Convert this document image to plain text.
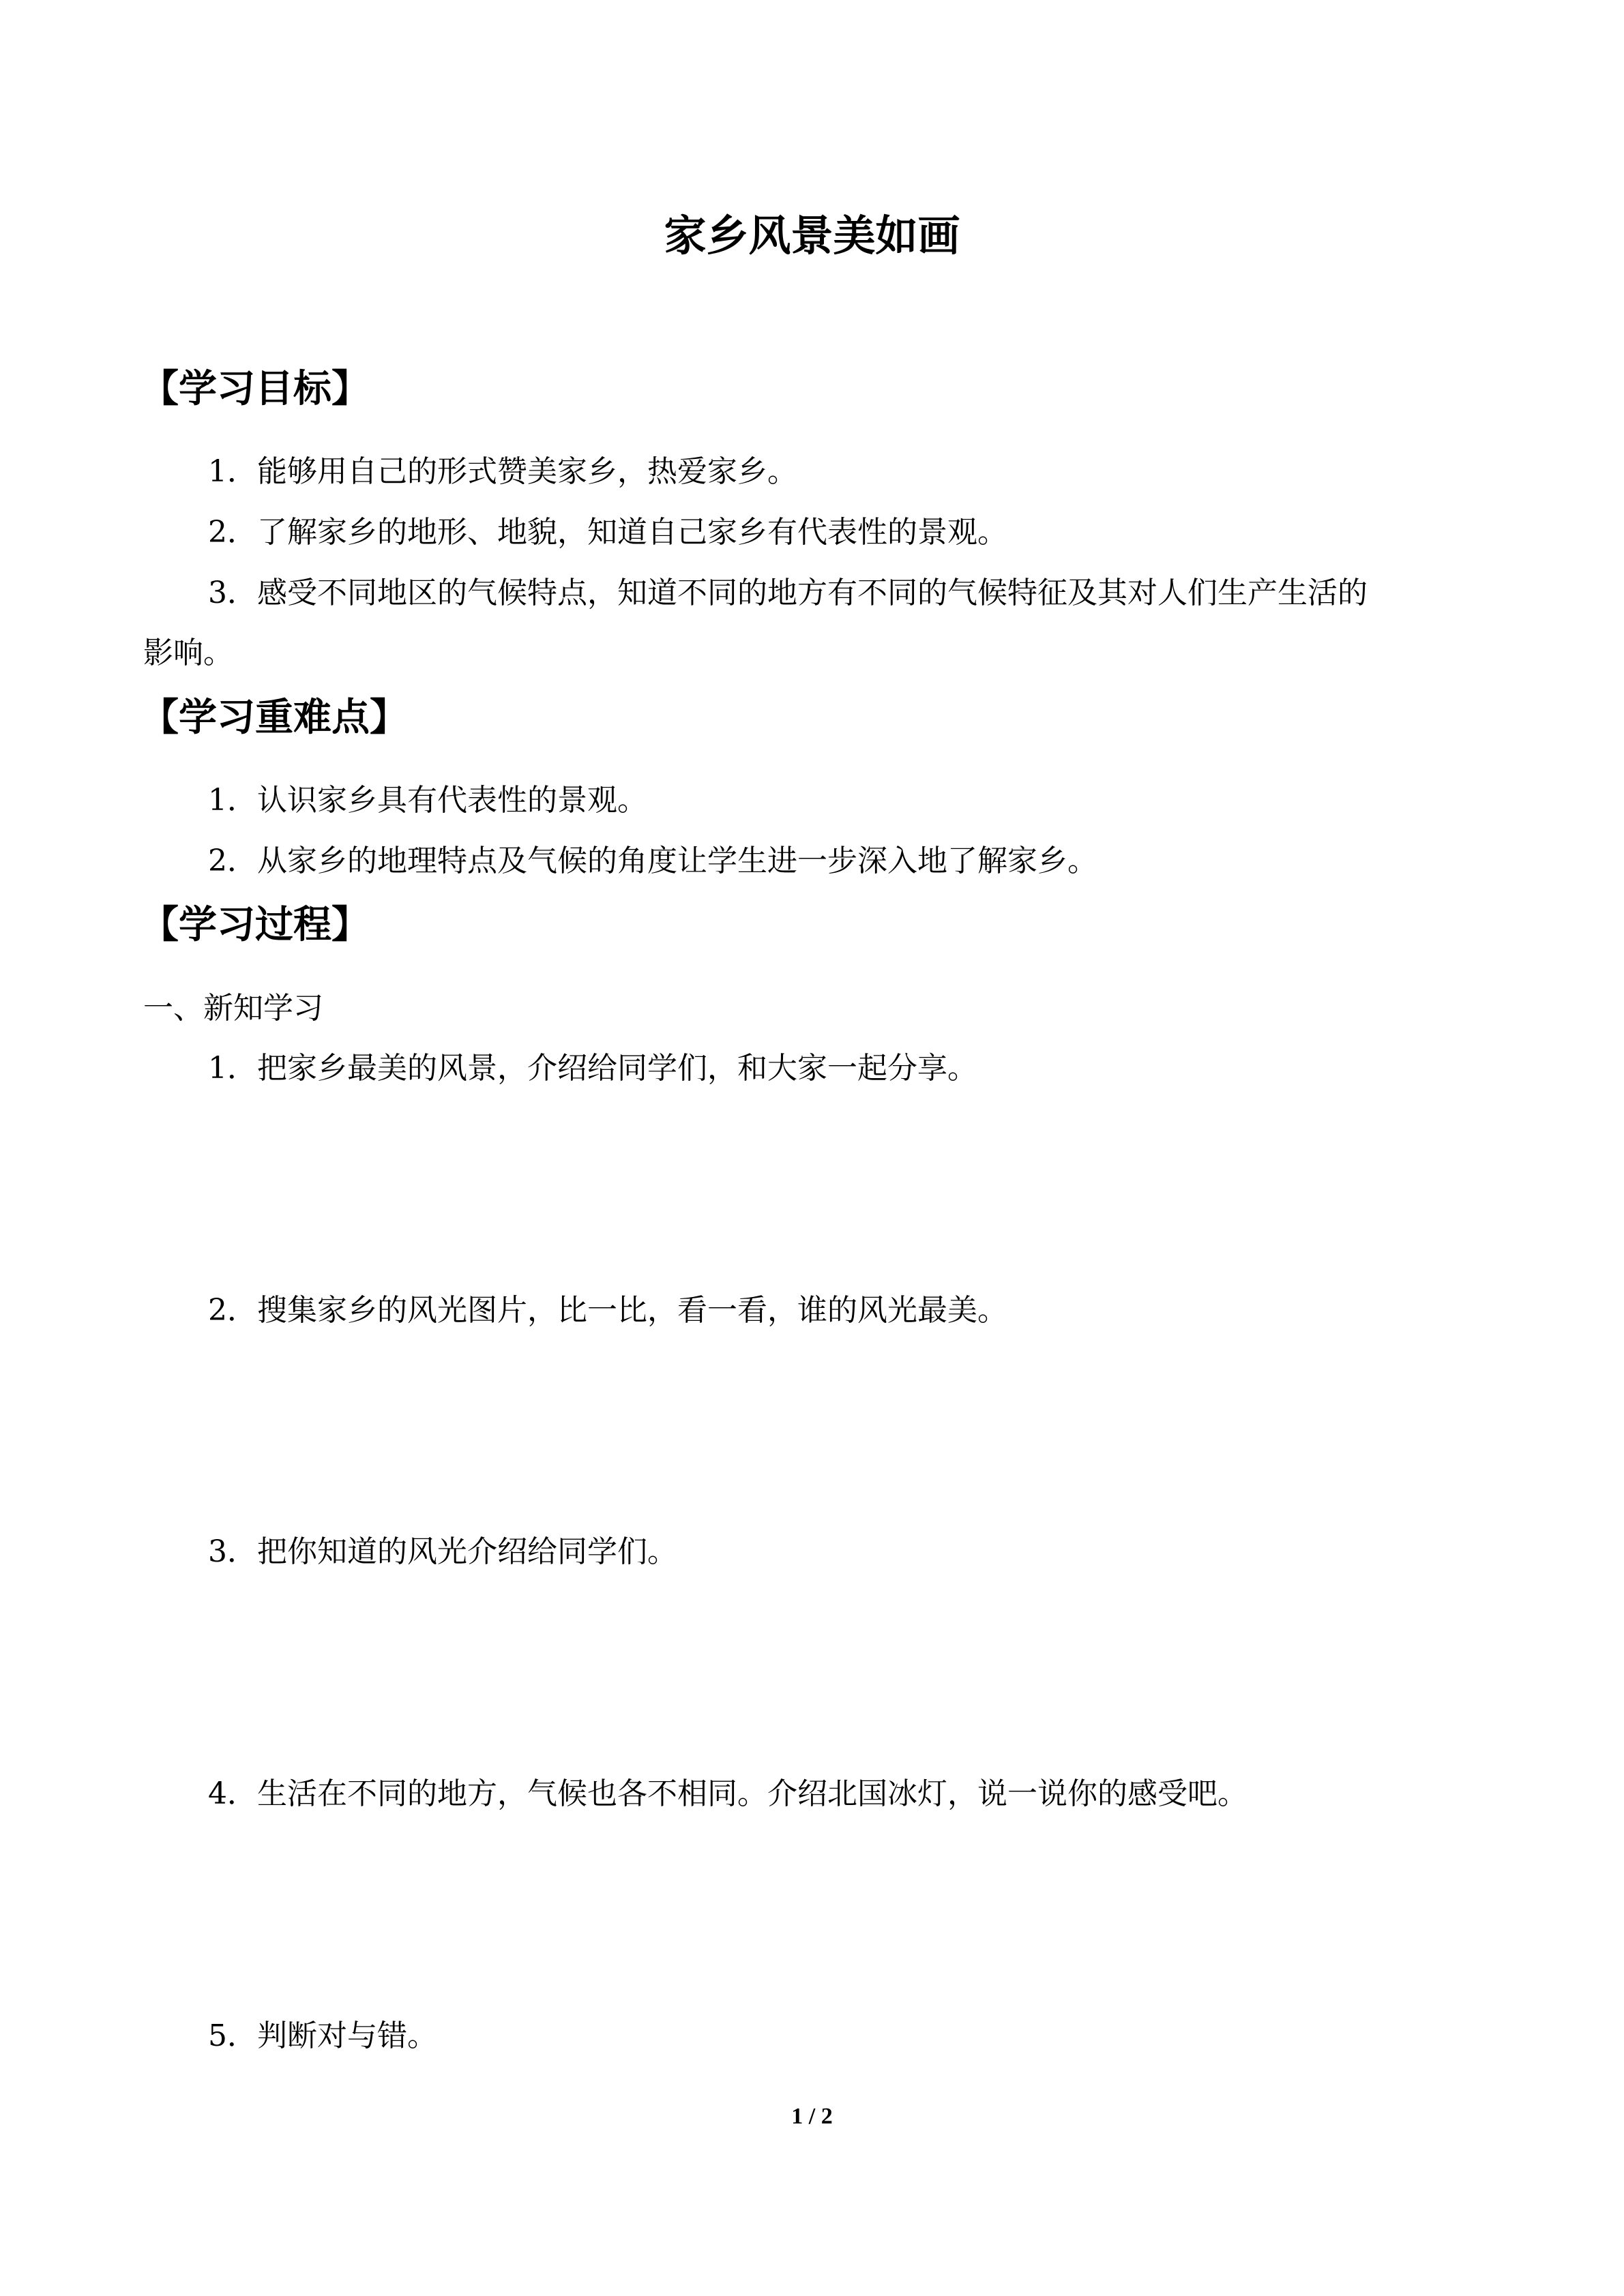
家乡风景美如画
【学习目标】
1．能够用自己的形式赞美家乡，热爱家乡。
2．了解家乡的地形、地貌，知道自己家乡有代表性的景观。
3．感受不同地区的气候特点，知道不同的地方有不同的气候特征及其对人们生产生活的
影响。
【学习重难点】
1．认识家乡具有代表性的景观。
2．从家乡的地理特点及气候的角度让学生进一步深入地了解家乡。
【学习过程】
一、新知学习
1．把家乡最美的风景，介绍给同学们，和大家一起分享。
2．搜集家乡的风光图片，比一比，看一看，谁的风光最美。
3．把你知道的风光介绍给同学们。
4．生活在不同的地方，气候也各不相同。介绍北国冰灯，说一说你的感受吧。
5．判断对与错。
1 / 2
